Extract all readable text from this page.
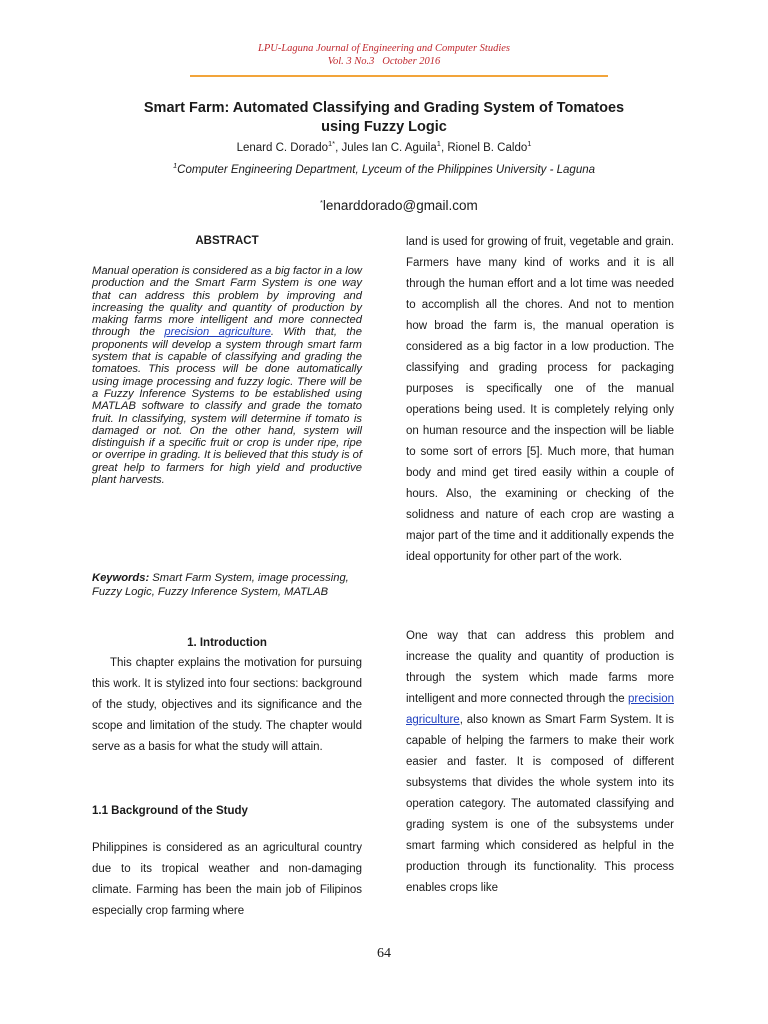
LPU-Laguna Journal of Engineering and Computer Studies
Vol. 3 No.3   October 2016
Smart Farm: Automated Classifying and Grading System of Tomatoes
using Fuzzy Logic
Lenard C. Dorado$^{1*}$, Jules Ian C. Aguila$^1$, Rionel B. Caldo$^1$
$^1$Computer Engineering Department, Lyceum of the Philippines University - Laguna
*lenarddorado@gmail.com
ABSTRACT
Manual operation is considered as a big factor in a low production and the Smart Farm System is one way that can address this problem by improving and increasing the quality and quantity of production by making farms more intelligent and more connected through the precision agriculture. With that, the proponents will develop a system through smart farm system that is capable of classifying and grading the tomatoes. This process will be done automatically using image processing and fuzzy logic. There will be a Fuzzy Inference Systems to be established using MATLAB software to classify and grade the tomato fruit. In classifying, system will determine if tomato is damaged or not. On the other hand, system will distinguish if a specific fruit or crop is under ripe, ripe or overripe in grading. It is believed that this study is of great help to farmers for high yield and productive plant harvests.
Keywords: Smart Farm System, image processing, Fuzzy Logic, Fuzzy Inference System, MATLAB
1. Introduction
This chapter explains the motivation for pursuing this work. It is stylized into four sections: background of the study, objectives and its significance and the scope and limitation of the study. The chapter would serve as a basis for what the study will attain.
1.1 Background of the Study
Philippines is considered as an agricultural country due to its tropical weather and non-damaging climate. Farming has been the main job of Filipinos especially crop farming where
land is used for growing of fruit, vegetable and grain. Farmers have many kind of works and it is all through the human effort and a lot time was needed to accomplish all the chores. And not to mention how broad the farm is, the manual operation is considered as a big factor in a low production. The classifying and grading process for packaging purposes is specifically one of the manual operations being used. It is completely relying only on human resource and the inspection will be liable to some sort of errors [5]. Much more, that human body and mind get tired easily within a couple of hours. Also, the examining or checking of the solidness and nature of each crop are wasting a major part of the time and it additionally expends the ideal opportunity for other part of the work.
One way that can address this problem and increase the quality and quantity of production is through the system which made farms more intelligent and more connected through the precision agriculture, also known as Smart Farm System. It is capable of helping the farmers to make their work easier and faster. It is composed of different subsystems that divides the whole system into its operation category. The automated classifying and grading system is one of the subsystems under smart farming which considered as helpful in the production through its functionality. This process enables crops like
64
